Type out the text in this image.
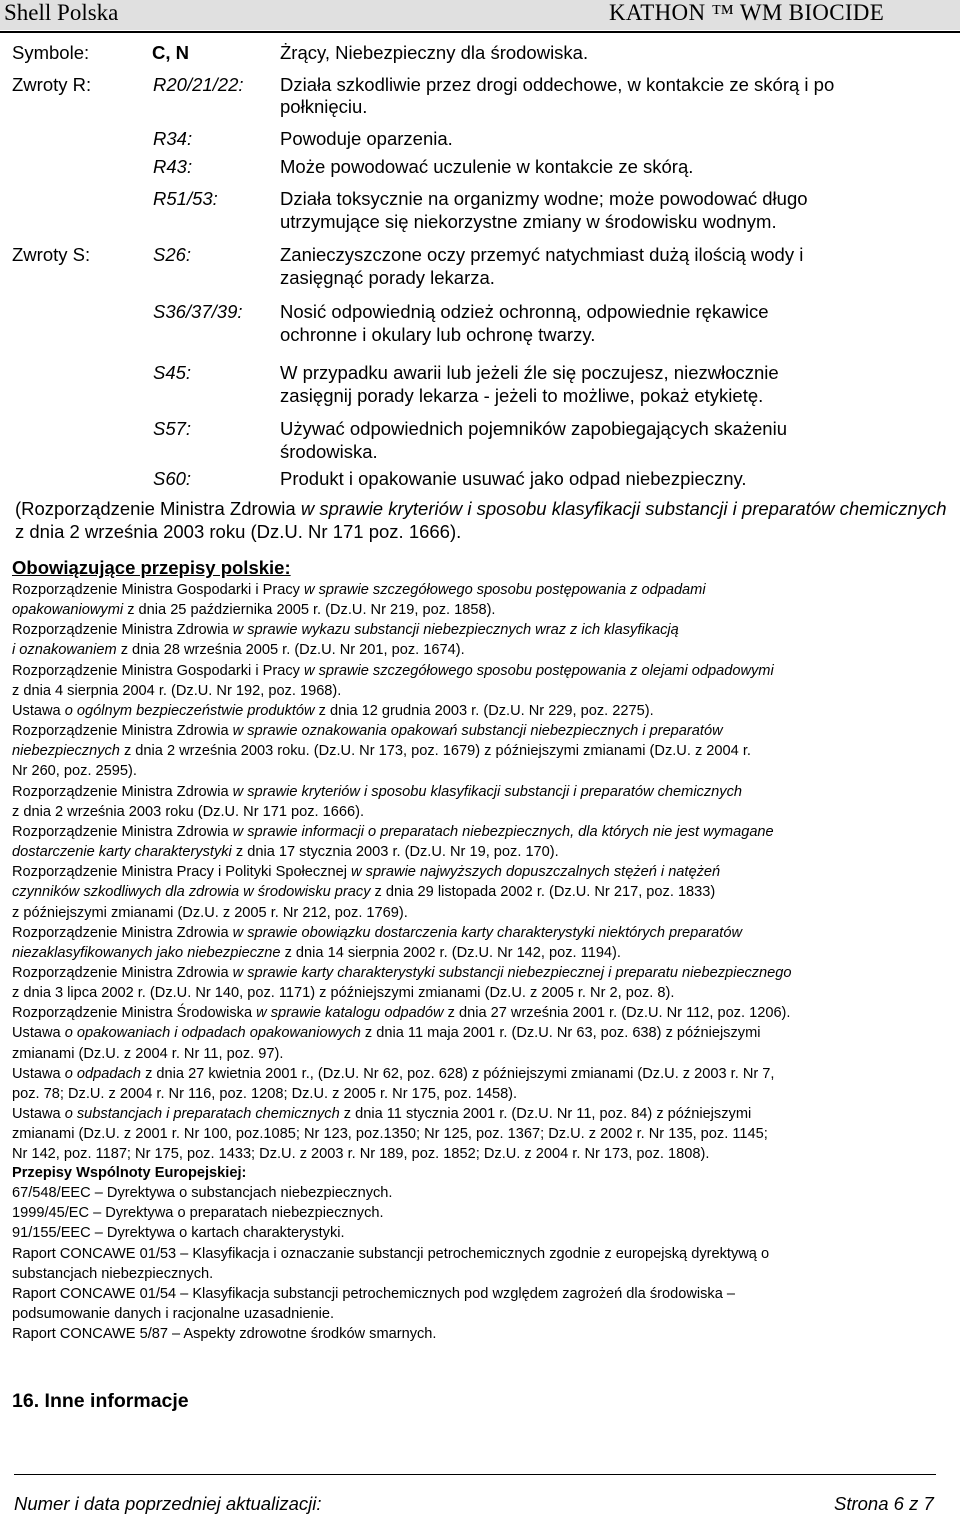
Shell Polska	KATHON ™ WM BIOCIDE
Symbole:	C, N	Żrący, Niebezpieczny dla środowiska.
Zwroty R:	R20/21/22: Działa szkodliwie przez drogi oddechowe, w kontakcie ze skórą i po
połknięciu.
R34:	Powoduje oparzenia.
R43:	Może powodować uczulenie w kontakcie ze skórą.
R51/53:	Działa toksycznie na organizmy wodne; może powodować długo
utrzymujące się niekorzystne zmiany w środowisku wodnym.
Zwroty S:	S26:	Zanieczyszczone oczy przemyć natychmiast dużą ilością wody i
zasięgnąć porady lekarza.
S36/37/39: Nosić odpowiednią odzież ochronną, odpowiednie rękawice
ochronne i okulary lub ochronę twarzy.
S45:	W przypadku awarii lub jeżeli źle się poczujesz, niezwłocznie
zasięgnij porady lekarza - jeżeli to możliwe, pokaż etykietę.
S57:	Używać odpowiednich pojemników zapobiegających skażeniu
środowiska.
S60:	Produkt i opakowanie usuwać jako odpad niebezpieczny.
(Rozporządzenie Ministra Zdrowia w sprawie kryteriów i sposobu klasyfikacji substancji i preparatów chemicznych z dnia 2 września 2003 roku (Dz.U. Nr 171 poz. 1666).
Obowiązujące przepisy polskie:
Rozporządzenie Ministra Gospodarki i Pracy w sprawie szczegółowego sposobu postępowania z odpadami
opakowaniowymi z dnia 25 października 2005 r. (Dz.U. Nr 219, poz. 1858).
Rozporządzenie Ministra Zdrowia w sprawie wykazu substancji niebezpiecznych wraz z ich klasyfikacją
i oznakowaniem z dnia 28 września 2005 r. (Dz.U. Nr 201, poz. 1674).
Rozporządzenie Ministra Gospodarki i Pracy w sprawie szczegółowego sposobu postępowania z olejami odpadowymi
z dnia 4 sierpnia 2004 r. (Dz.U. Nr 192, poz. 1968).
Ustawa o ogólnym bezpieczeństwie produktów z dnia 12 grudnia 2003 r. (Dz.U. Nr 229, poz. 2275).
Rozporządzenie Ministra Zdrowia w sprawie oznakowania opakowań substancji niebezpiecznych i preparatów
niebezpiecznych z dnia 2 września 2003 roku. (Dz.U. Nr 173, poz. 1679) z późniejszymi zmianami (Dz.U. z 2004 r.
Nr 260, poz. 2595).
Rozporządzenie Ministra Zdrowia w sprawie kryteriów i sposobu klasyfikacji substancji i preparatów chemicznych
z dnia 2 września 2003 roku (Dz.U. Nr 171 poz. 1666).
Rozporządzenie Ministra Zdrowia w sprawie informacji o preparatach niebezpiecznych, dla których nie jest wymagane
dostarczenie karty charakterystyki z dnia 17 stycznia 2003 r. (Dz.U. Nr 19, poz. 170).
Rozporządzenie Ministra Pracy i Polityki Społecznej w sprawie najwyższych dopuszczalnych stężeń i natężeń
czynników szkodliwych dla zdrowia w środowisku pracy z dnia 29 listopada 2002 r. (Dz.U. Nr 217, poz. 1833)
z późniejszymi zmianami (Dz.U. z 2005 r. Nr 212, poz. 1769).
Rozporządzenie Ministra Zdrowia w sprawie obowiązku dostarczenia karty charakterystyki niektórych preparatów
niezaklasyfikowanych jako niebezpieczne z dnia 14 sierpnia 2002 r. (Dz.U. Nr 142, poz. 1194).
Rozporządzenie Ministra Zdrowia w sprawie karty charakterystyki substancji niebezpiecznej i preparatu niebezpiecznego
z dnia 3 lipca 2002 r. (Dz.U. Nr 140, poz. 1171) z późniejszymi zmianami (Dz.U. z 2005 r. Nr 2, poz. 8).
Rozporządzenie Ministra Środowiska w sprawie katalogu odpadów z dnia 27 września 2001 r. (Dz.U. Nr 112, poz. 1206).
Ustawa o opakowaniach i odpadach opakowaniowych z dnia 11 maja 2001 r. (Dz.U. Nr 63, poz. 638) z późniejszymi
zmianami (Dz.U. z 2004 r. Nr 11, poz. 97).
Ustawa o odpadach z dnia 27 kwietnia 2001 r., (Dz.U. Nr 62, poz. 628) z późniejszymi zmianami (Dz.U. z 2003 r. Nr 7,
poz. 78; Dz.U. z 2004 r. Nr 116, poz. 1208; Dz.U. z 2005 r. Nr 175, poz. 1458).
Ustawa o substancjach i preparatach chemicznych z dnia 11 stycznia 2001 r. (Dz.U. Nr 11, poz. 84) z późniejszymi
zmianami (Dz.U. z 2001 r. Nr 100, poz.1085; Nr 123, poz.1350; Nr 125, poz. 1367; Dz.U. z 2002 r. Nr 135, poz. 1145;
Nr 142, poz. 1187; Nr 175, poz. 1433; Dz.U. z 2003 r. Nr 189, poz. 1852; Dz.U. z 2004 r. Nr 173, poz. 1808).
Przepisy Wspólnoty Europejskiej:
67/548/EEC – Dyrektywa o substancjach niebezpiecznych.
1999/45/EC – Dyrektywa o preparatach niebezpiecznych.
91/155/EEC – Dyrektywa o kartach charakterystyki.
Raport CONCAWE 01/53 – Klasyfikacja i oznaczanie substancji petrochemicznych zgodnie z europejską dyrektywą o
substancjach niebezpiecznych.
Raport CONCAWE 01/54 – Klasyfikacja substancji petrochemicznych pod względem zagrożeń dla środowiska –
podsumowanie danych i racjonalne uzasadnienie.
Raport CONCAWE 5/87 – Aspekty zdrowotne środków smarnych.
16. Inne informacje
Numer i data poprzedniej aktualizacji:	Strona 6 z 7
